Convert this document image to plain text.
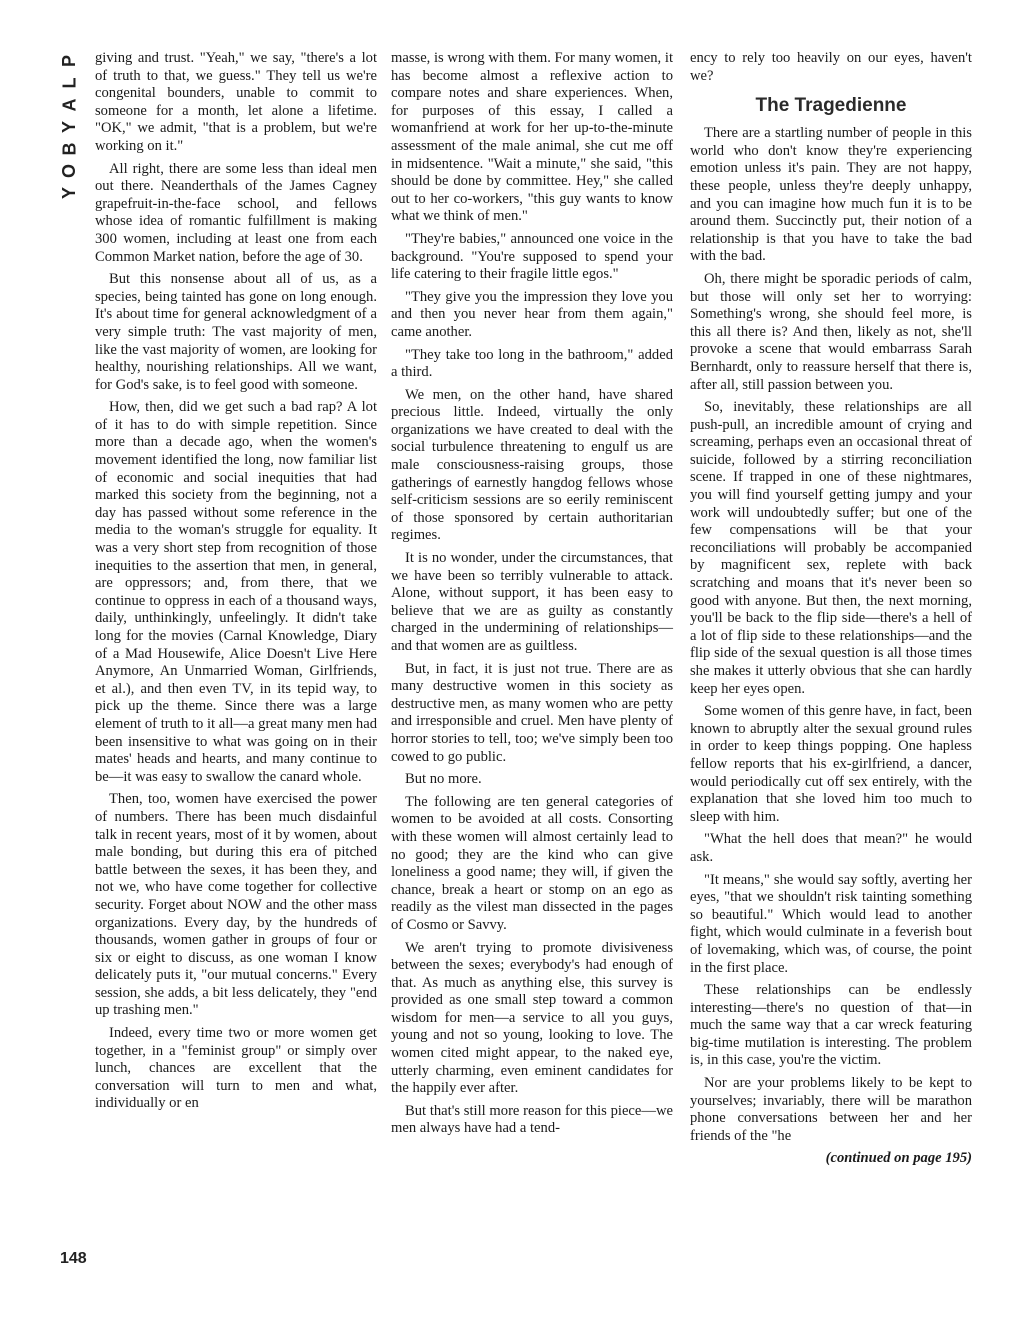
P
L
A
Y
B
O
Y
148

giving and trust. "Yeah," we say, "there's a lot of truth to that, we guess." They tell us we're congenital bounders, unable to commit to someone for a month, let alone a lifetime. "OK," we admit, "that is a problem, but we're working on it."

All right, there are some less than ideal men out there. Neanderthals of the James Cagney grapefruit-in-the-face school, and fellows whose idea of romantic fulfillment is making 300 women, including at least one from each Common Market nation, before the age of 30.

But this nonsense about all of us, as a species, being tainted has gone on long enough. It's about time for general acknowledgment of a very simple truth: The vast majority of men, like the vast majority of women, are looking for healthy, nourishing relationships. All we want, for God's sake, is to feel good with someone.

How, then, did we get such a bad rap? A lot of it has to do with simple repetition. Since more than a decade ago, when the women's movement identified the long, now familiar list of economic and social inequities that had marked this society from the beginning, not a day has passed without some reference in the media to the woman's struggle for equality. It was a very short step from recognition of those inequities to the assertion that men, in general, are oppressors; and, from there, that we continue to oppress in each of a thousand ways, daily, unthinkingly, unfeelingly. It didn't take long for the movies (Carnal Knowledge, Diary of a Mad Housewife, Alice Doesn't Live Here Anymore, An Unmarried Woman, Girlfriends, et al.), and then even TV, in its tepid way, to pick up the theme. Since there was a large element of truth to it all—a great many men had been insensitive to what was going on in their mates' heads and hearts, and many continue to be—it was easy to swallow the canard whole.

Then, too, women have exercised the power of numbers. There has been much disdainful talk in recent years, most of it by women, about male bonding, but during this era of pitched battle between the sexes, it has been they, and not we, who have come together for collective security. Forget about NOW and the other mass organizations. Every day, by the hundreds of thousands, women gather in groups of four or six or eight to discuss, as one woman I know delicately puts it, "our mutual concerns." Every session, she adds, a bit less delicately, they "end up trashing men."

Indeed, every time two or more women get together, in a "feminist group" or simply over lunch, chances are excellent that the conversation will turn to men and what, individually or en

masse, is wrong with them. For many women, it has become almost a reflexive action to compare notes and share experiences. When, for purposes of this essay, I called a womanfriend at work for her up-to-the-minute assessment of the male animal, she cut me off in midsentence. "Wait a minute," she said, "this should be done by committee. Hey," she called out to her co-workers, "this guy wants to know what we think of men."

"They're babies," announced one voice in the background. "You're supposed to spend your life catering to their fragile little egos."

"They give you the impression they love you and then you never hear from them again," came another.

"They take too long in the bathroom," added a third.

We men, on the other hand, have shared precious little. Indeed, virtually the only organizations we have created to deal with the social turbulence threatening to engulf us are male consciousness-raising groups, those gatherings of earnestly hangdog fellows whose self-criticism sessions are so eerily reminiscent of those sponsored by certain authoritarian regimes.

It is no wonder, under the circumstances, that we have been so terribly vulnerable to attack. Alone, without support, it has been easy to believe that we are as guilty as constantly charged in the undermining of relationships—and that women are as guiltless.

But, in fact, it is just not true. There are as many destructive women in this society as destructive men, as many women who are petty and irresponsible and cruel. Men have plenty of horror stories to tell, too; we've simply been too cowed to go public.

But no more.

The following are ten general categories of women to be avoided at all costs. Consorting with these women will almost certainly lead to no good; they are the kind who can give loneliness a good name; they will, if given the chance, break a heart or stomp on an ego as readily as the vilest man dissected in the pages of Cosmo or Savvy.

We aren't trying to promote divisiveness between the sexes; everybody's had enough of that. As much as anything else, this survey is provided as one small step toward a common wisdom for men—a service to all you guys, young and not so young, looking to love. The women cited might appear, to the naked eye, utterly charming, even eminent candidates for the happily ever after.

But that's still more reason for this piece—we men always have had a tend-

ency to rely too heavily on our eyes, haven't we?

The Tragedienne

There are a startling number of people in this world who don't know they're experiencing emotion unless it's pain. They are not happy, these people, unless they're deeply unhappy, and you can imagine how much fun it is to be around them. Succinctly put, their notion of a relationship is that you have to take the bad with the bad.

Oh, there might be sporadic periods of calm, but those will only set her to worrying: Something's wrong, she should feel more, is this all there is? And then, likely as not, she'll provoke a scene that would embarrass Sarah Bernhardt, only to reassure herself that there is, after all, still passion between you.

So, inevitably, these relationships are all push-pull, an incredible amount of crying and screaming, perhaps even an occasional threat of suicide, followed by a stirring reconciliation scene. If trapped in one of these nightmares, you will find yourself getting jumpy and your work will undoubtedly suffer; but one of the few compensations will be that your reconciliations will probably be accompanied by magnificent sex, replete with back scratching and moans that it's never been so good with anyone. But then, the next morning, you'll be back to the flip side—there's a hell of a lot of flip side to these relationships—and the flip side of the sexual question is all those times she makes it utterly obvious that she can hardly keep her eyes open.

Some women of this genre have, in fact, been known to abruptly alter the sexual ground rules in order to keep things popping. One hapless fellow reports that his ex-girlfriend, a dancer, would periodically cut off sex entirely, with the explanation that she loved him too much to sleep with him.

"What the hell does that mean?" he would ask.

"It means," she would say softly, averting her eyes, "that we shouldn't risk tainting something so beautiful." Which would lead to another fight, which would culminate in a feverish bout of lovemaking, which was, of course, the point in the first place.

These relationships can be endlessly interesting—there's no question of that—in much the same way that a car wreck featuring big-time mutilation is interesting. The problem is, in this case, you're the victim.

Nor are your problems likely to be kept to yourselves; invariably, there will be marathon phone conversations between her and her friends of the "he

(continued on page 195)
